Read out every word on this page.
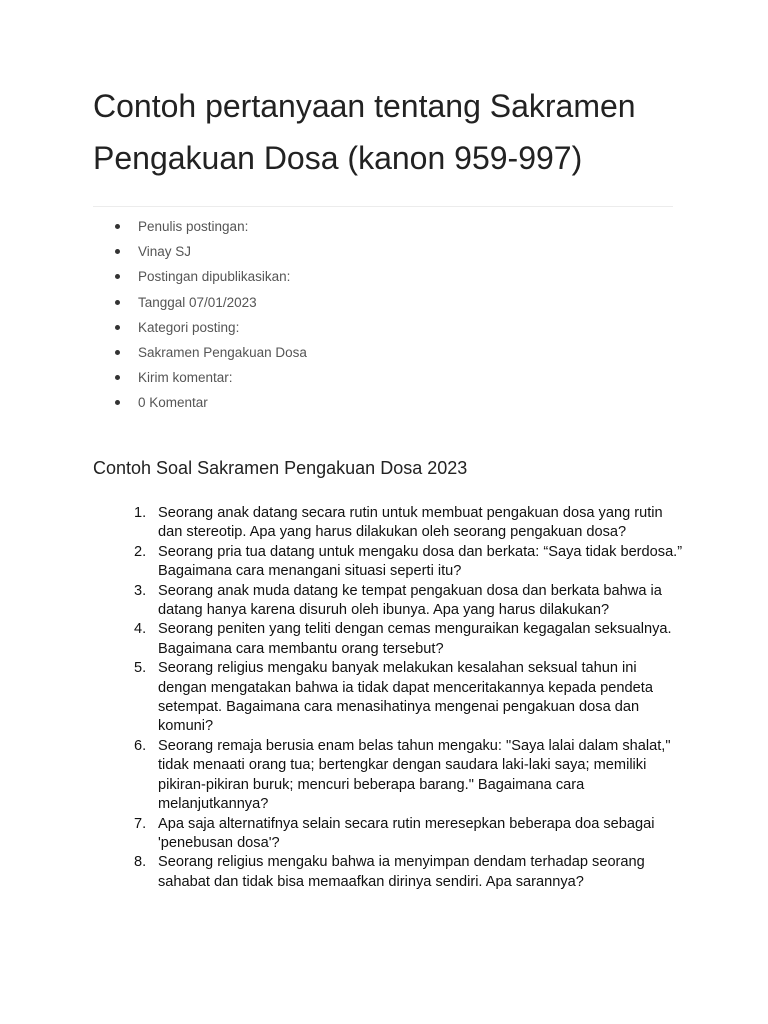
Contoh pertanyaan tentang Sakramen Pengakuan Dosa (kanon 959-997)
Penulis postingan:
Vinay SJ
Postingan dipublikasikan:
Tanggal 07/01/2023
Kategori posting:
Sakramen Pengakuan Dosa
Kirim komentar:
0 Komentar
Contoh Soal Sakramen Pengakuan Dosa 2023
1. Seorang anak datang secara rutin untuk membuat pengakuan dosa yang rutin dan stereotip. Apa yang harus dilakukan oleh seorang pengakuan dosa?
2. Seorang pria tua datang untuk mengaku dosa dan berkata: “Saya tidak berdosa.” Bagaimana cara menangani situasi seperti itu?
3. Seorang anak muda datang ke tempat pengakuan dosa dan berkata bahwa ia datang hanya karena disuruh oleh ibunya. Apa yang harus dilakukan?
4. Seorang peniten yang teliti dengan cemas menguraikan kegagalan seksualnya. Bagaimana cara membantu orang tersebut?
5. Seorang religius mengaku banyak melakukan kesalahan seksual tahun ini dengan mengatakan bahwa ia tidak dapat menceritakannya kepada pendeta setempat. Bagaimana cara menasihatinya mengenai pengakuan dosa dan komuni?
6. Seorang remaja berusia enam belas tahun mengaku: "Saya lalai dalam shalat," tidak menaati orang tua; bertengkar dengan saudara laki-laki saya; memiliki pikiran-pikiran buruk; mencuri beberapa barang." Bagaimana cara melanjutkannya?
7. Apa saja alternatifnya selain secara rutin meresepkan beberapa doa sebagai 'penebusan dosa'?
8. Seorang religius mengaku bahwa ia menyimpan dendam terhadap seorang sahabat dan tidak bisa memaafkan dirinya sendiri. Apa sarannya?
